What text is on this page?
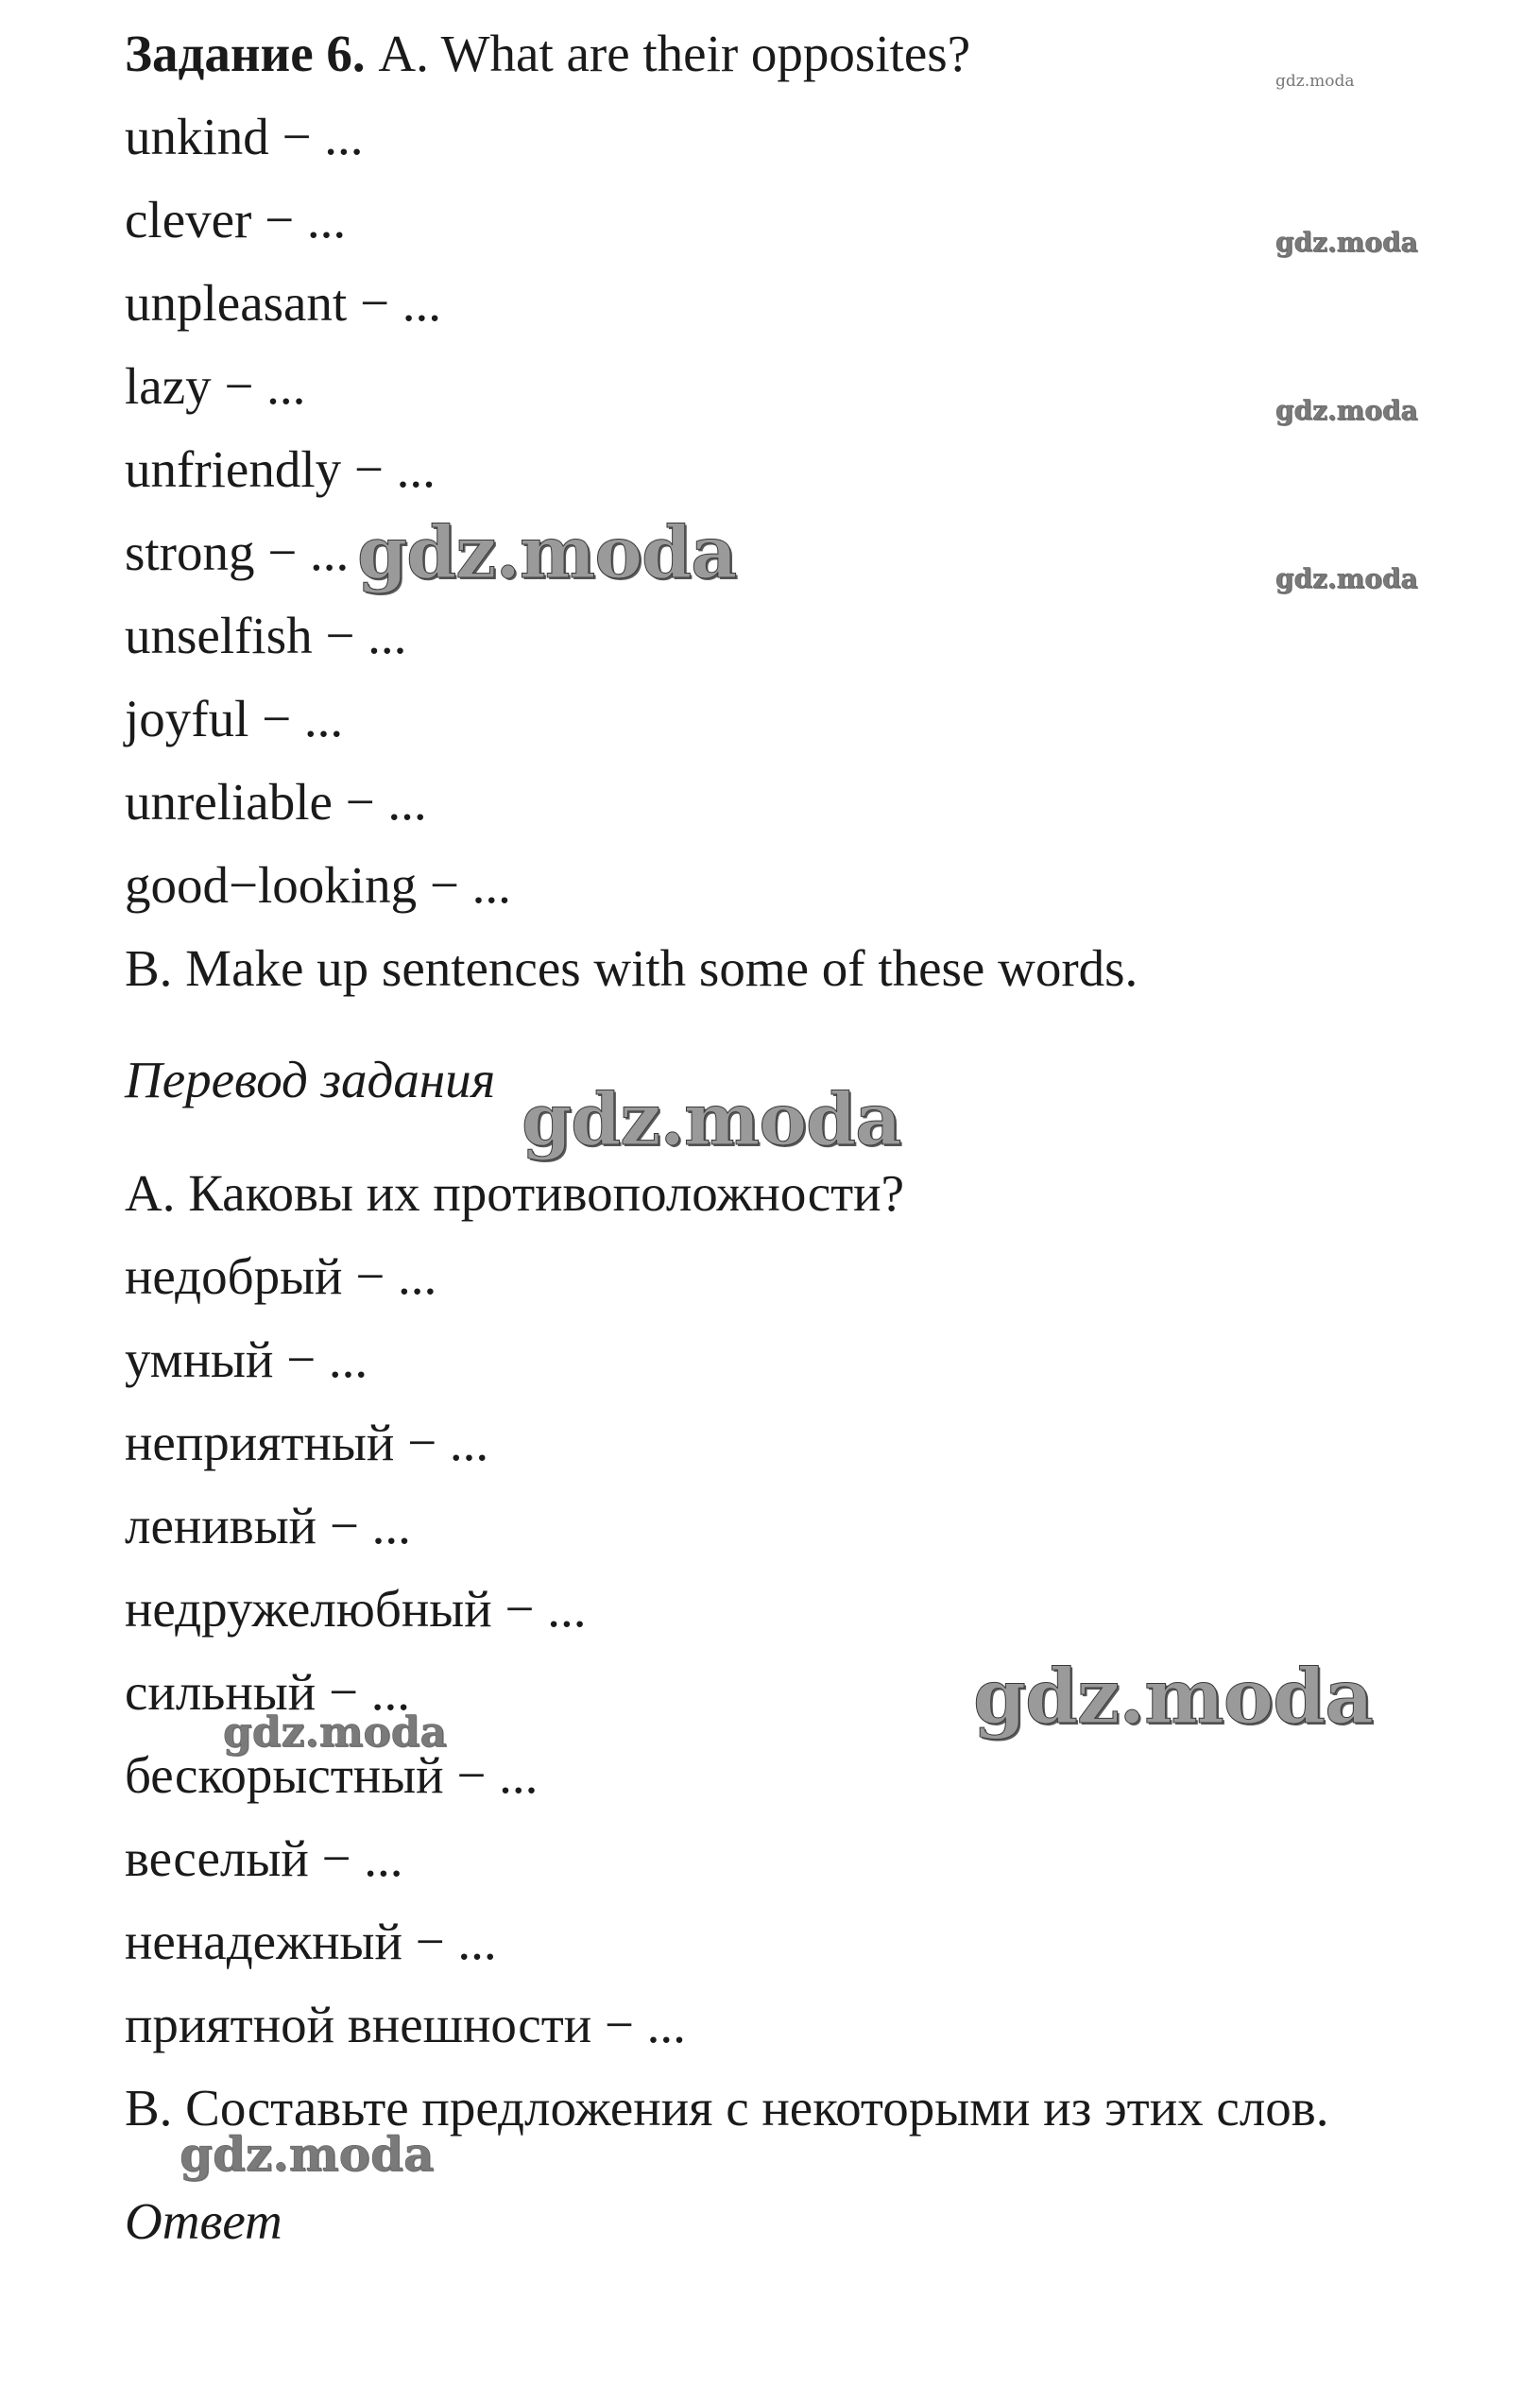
Задание 6. A. What are their opposites?

unkind − ...

clever − ...

unpleasant − ...

lazy − ...

unfriendly − ...

strong − ...

unselfish − ...

joyful − ...

unreliable − ...

good−looking − ...

B. Make up sentences with some of these words.

Перевод задания

А. Каковы их противоположности?

недобрый − ...

умный − ...

неприятный − ...

ленивый − ...

недружелюбный − ...

сильный − ...

бескорыстный − ...

веселый − ...

ненадежный − ...

приятной внешности − ...

В. Составьте предложения с некоторыми из этих слов.

Ответ

gdz.moda
gdz.moda
gdz.moda
gdz.moda
gdz.moda
gdz.moda
gdz.moda
gdz.moda
gdz.moda
